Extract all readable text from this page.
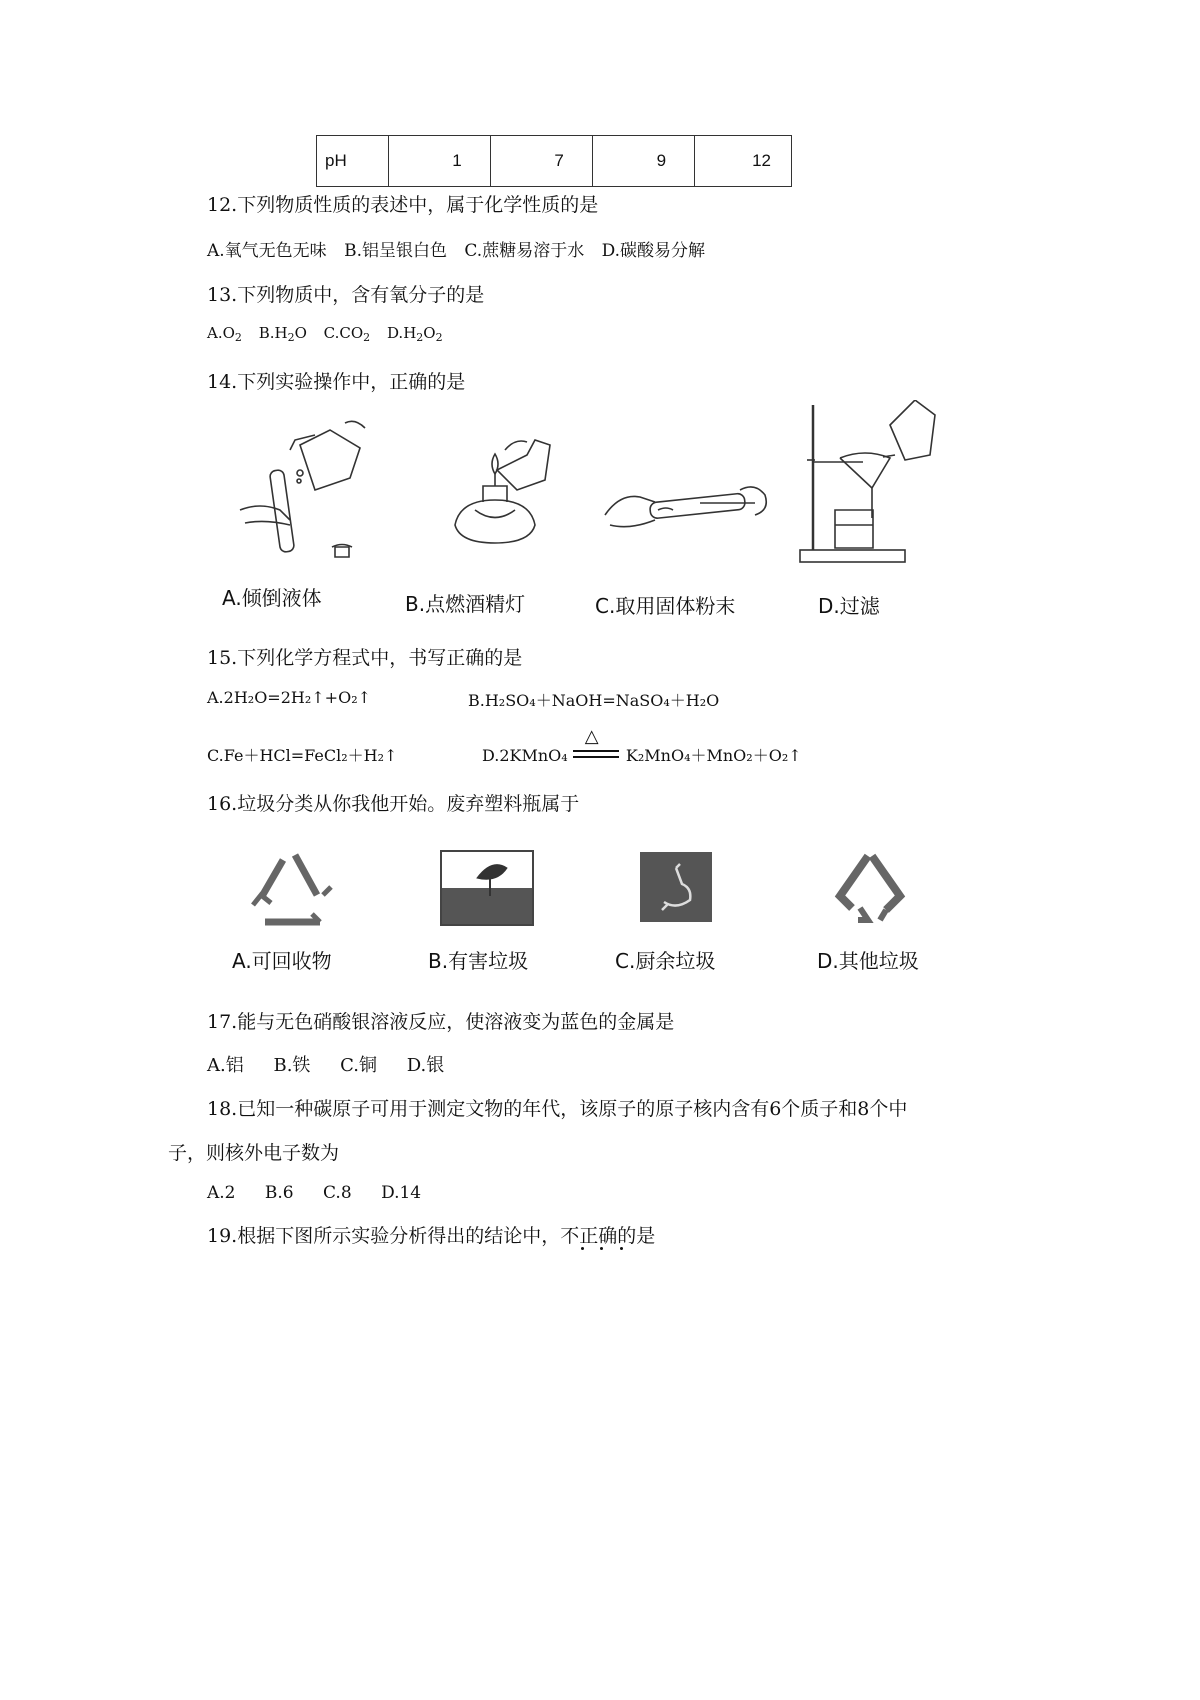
pH	1	7	9	12
12.下列物质性质的表述中，属于化学性质的是
A.氧气无色无味 B.铝呈银白色 C.蔗糖易溶于水 D.碳酸易分解
13.下列物质中，含有氧分子的是
A.O2 B.H2O C.CO2 D.H2O2
14.下列实验操作中，正确的是
A.倾倒液体	B.点燃酒精灯	C.取用固体粉末	D.过滤
15.下列化学方程式中，书写正确的是
A.2H₂O=2H₂↑+O₂↑	B.H₂SO₄＋NaOH=NaSO₄＋H₂O
C.Fe＋HCl=FeCl₂＋H₂↑	D.2KMnO₄
△
K₂MnO₄＋MnO₂＋O₂↑
16.垃圾分类从你我他开始。废弃塑料瓶属于
A.可回收物	B.有害垃圾	C.厨余垃圾	D.其他垃圾
17.能与无色硝酸银溶液反应，使溶液变为蓝色的金属是
A.铝 B.铁 C.铜 D.银
18.已知一种碳原子可用于测定文物的年代，该原子的原子核内含有6个质子和8个中
子，则核外电子数为
A.2 B.6 C.8 D.14
19.根据下图所示实验分析得出的结论中，不正确的是
